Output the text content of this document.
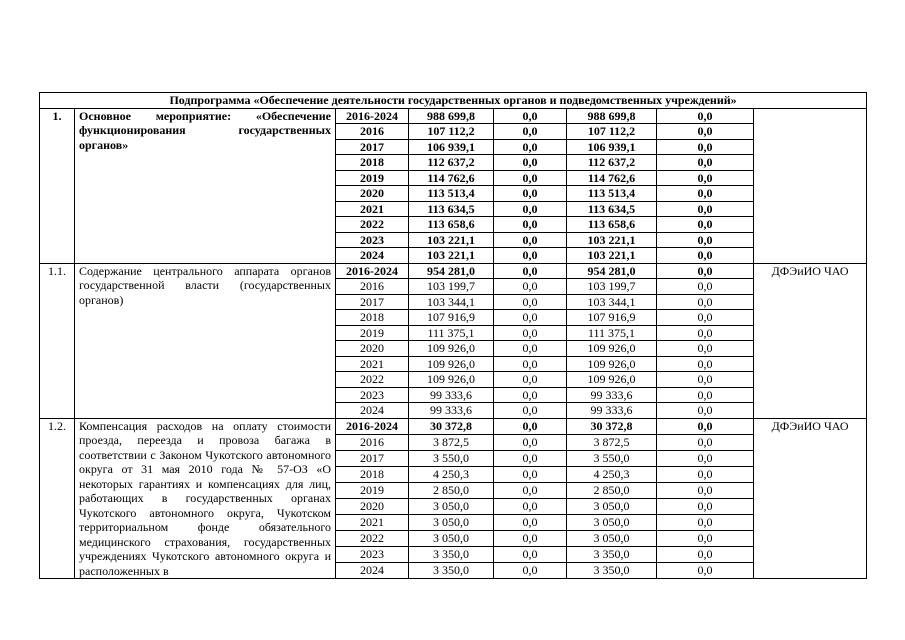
Подпрограмма «Обеспечение деятельности государственных органов и подведомственных учреждений»							
1.	Основное мероприятие: «Обеспечение функционирования государственных органов»	2016-2024	988 699,8	0,0	988 699,8	0,0	
		2016	107 112,2	0,0	107 112,2	0,0	
		2017	106 939,1	0,0	106 939,1	0,0	
		2018	112 637,2	0,0	112 637,2	0,0	
		2019	114 762,6	0,0	114 762,6	0,0	
		2020	113 513,4	0,0	113 513,4	0,0	
		2021	113 634,5	0,0	113 634,5	0,0	
		2022	113 658,6	0,0	113 658,6	0,0	
		2023	103 221,1	0,0	103 221,1	0,0	
		2024	103 221,1	0,0	103 221,1	0,0	
1.1.	Содержание центрального аппарата органов государственной власти (государственных органов)	2016-2024	954 281,0	0,0	954 281,0	0,0	ДФЭиИО ЧАО
		2016	103 199,7	0,0	103 199,7	0,0	
		2017	103 344,1	0,0	103 344,1	0,0	
		2018	107 916,9	0,0	107 916,9	0,0	
		2019	111 375,1	0,0	111 375,1	0,0	
		2020	109 926,0	0,0	109 926,0	0,0	
		2021	109 926,0	0,0	109 926,0	0,0	
		2022	109 926,0	0,0	109 926,0	0,0	
		2023	99 333,6	0,0	99 333,6	0,0	
		2024	99 333,6	0,0	99 333,6	0,0	
1.2.	Компенсация расходов на оплату стоимости проезда, переезда и провоза багажа в соответствии с Законом Чукотского автономного округа от 31 мая 2010 года № 57-ОЗ «О некоторых гарантиях и компенсациях для лиц, работающих в государственных органах Чукотского автономного округа, Чукотском территориальном фонде обязательного медицинского страхования, государственных учреждениях Чукотского автономного округа и расположенных в	2016-2024	30 372,8	0,0	30 372,8	0,0	ДФЭиИО ЧАО
		2016	3 872,5	0,0	3 872,5	0,0	
		2017	3 550,0	0,0	3 550,0	0,0	
		2018	4 250,3	0,0	4 250,3	0,0	
		2019	2 850,0	0,0	2 850,0	0,0	
		2020	3 050,0	0,0	3 050,0	0,0	
		2021	3 050,0	0,0	3 050,0	0,0	
		2022	3 050,0	0,0	3 050,0	0,0	
		2023	3 350,0	0,0	3 350,0	0,0	
		2024	3 350,0	0,0	3 350,0	0,0	
